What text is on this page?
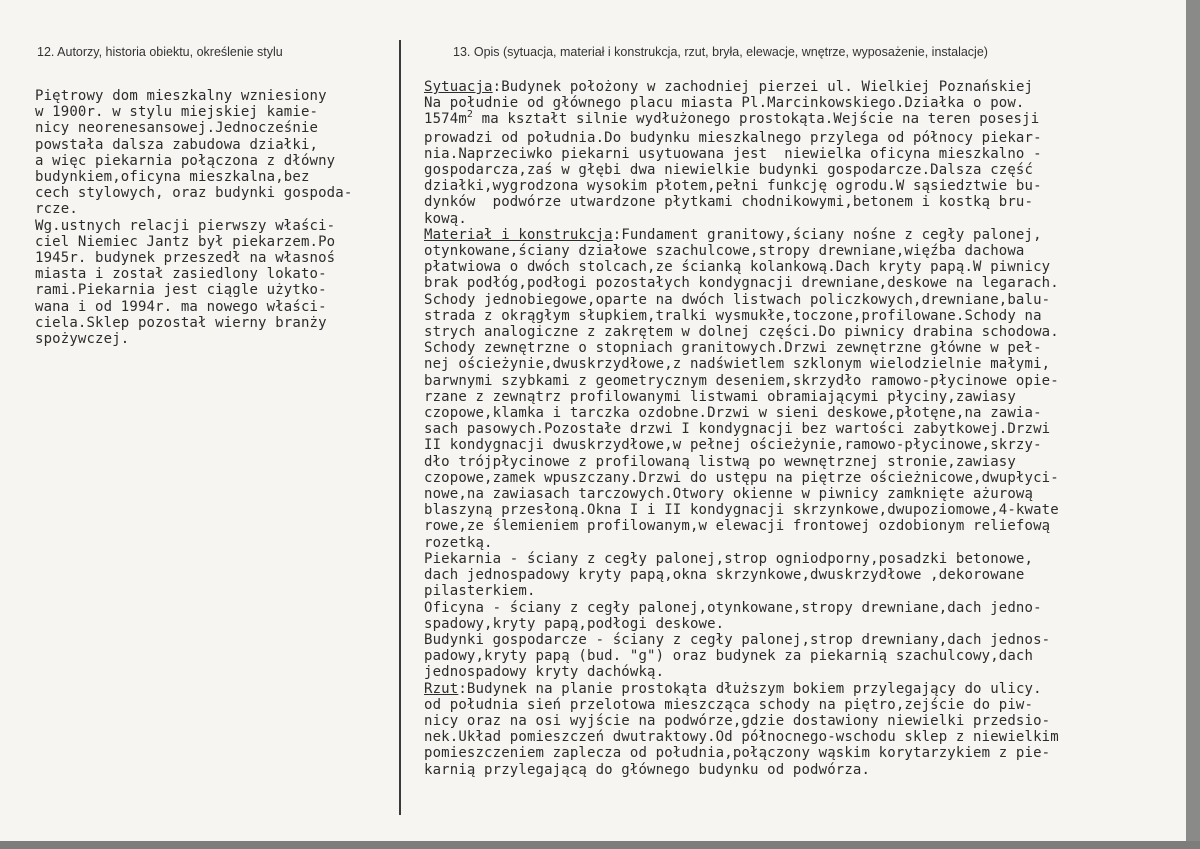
12. Autorzy, historia obiektu, określenie stylu	13. Opis (sytuacja, materiał i konstrukcja, rzut, bryła, elewacje, wnętrze, wyposażenie, instalacje)
Piętrowy dom mieszkalny wzniesiony
w 1900r. w stylu miejskiej kamie-
nicy neorenesansowej.Jednocześnie
powstała dalsza zabudowa działki,
a więc piekarnia połączona z dłówny
budynkiem,oficyna mieszkalna,bez
cech stylowych, oraz budynki gospoda-
rcze.
Wg.ustnych relacji pierwszy właści-
ciel Niemiec Jantz był piekarzem.Po
1945r. budynek przeszedł na własnoś
miasta i został zasiedlony lokato-
rami.Piekarnia jest ciągle użytko-
wana i od 1994r. ma nowego właści-
ciela.Sklep pozostał wierny branży
spożywczej.
Sytuacja:Budynek położony w zachodniej pierzei ul. Wielkiej Poznańskiej
Na południe od głównego placu miasta Pl.Marcinkowskiego.Działka o pow.
$1574m^2$ ma kształt silnie wydłużonego prostokąta.Wejście na teren posesji
prowadzi od południa.Do budynku mieszkalnego przylega od północy piekar-
nia.Naprzeciwko piekarni usytuowana jest  niewielka oficyna mieszkalno -
gospodarcza,zaś w głębi dwa niewielkie budynki gospodarcze.Dalsza część
działki,wygrodzona wysokim płotem,pełni funkcję ogrodu.W sąsiedztwie bu-
dynków  podwórze utwardzone płytkami chodnikowymi,betonem i kostką bru-
kową.
Materiał i konstrukcja:Fundament granitowy,ściany nośne z cegły palonej,
otynkowane,ściany działowe szachulcowe,stropy drewniane,więźba dachowa
płatwiowa o dwóch stolcach,ze ścianką kolankową.Dach kryty papą.W piwnicy
brak podłóg,podłogi pozostałych kondygnacji drewniane,deskowe na legarach.
Schody jednobiegowe,oparte na dwóch listwach policzkowych,drewniane,balu-
strada z okrągłym słupkiem,tralki wysmukłe,toczone,profilowane.Schody na
strych analogiczne z zakrętem w dolnej części.Do piwnicy drabina schodowa.
Schody zewnętrzne o stopniach granitowych.Drzwi zewnętrzne główne w peł-
nej ościeżynie,dwuskrzydłowe,z nadświetlem szklonym wielodzielnie małymi,
barwnymi szybkami z geometrycznym deseniem,skrzydło ramowo-płycinowe opie-
rzane z zewnątrz profilowanymi listwami obramiającymi płyciny,zawiasy
czopowe,klamka i tarczka ozdobne.Drzwi w sieni deskowe,płotęne,na zawia-
sach pasowych.Pozostałe drzwi I kondygnacji bez wartości zabytkowej.Drzwi
II kondygnacji dwuskrzydłowe,w pełnej ościeżynie,ramowo-płycinowe,skrzy-
dło trójpłycinowe z profilowaną listwą po wewnętrznej stronie,zawiasy
czopowe,zamek wpuszczany.Drzwi do ustępu na piętrze ościeżnicowe,dwupłyci-
nowe,na zawiasach tarczowych.Otwory okienne w piwnicy zamknięte ażurową
blaszyną przesłoną.Okna I i II kondygnacji skrzynkowe,dwupoziomowe,4-kwate
rowe,ze ślemieniem profilowanym,w elewacji frontowej ozdobionym reliefową
rozetką.
Piekarnia - ściany z cegły palonej,strop ogniodporny,posadzki betonowe,
dach jednospadowy kryty papą,okna skrzynkowe,dwuskrzydłowe ,dekorowane
pilasterkiem.
Oficyna - ściany z cegły palonej,otynkowane,stropy drewniane,dach jedno-
spadowy,kryty papą,podłogi deskowe.
Budynki gospodarcze - ściany z cegły palonej,strop drewniany,dach jednos-
padowy,kryty papą (bud. "g") oraz budynek za piekarnią szachulcowy,dach
jednospadowy kryty dachówką.
Rzut:Budynek na planie prostokąta dłuższym bokiem przylegający do ulicy.
od południa sień przelotowa mieszcząca schody na piętro,zejście do piw-
nicy oraz na osi wyjście na podwórze,gdzie dostawiony niewielki przedsio-
nek.Układ pomieszczeń dwutraktowy.Od północnego-wschodu sklep z niewielkim
pomieszczeniem zaplecza od południa,połączony wąskim korytarzykiem z pie-
karnią przylegającą do głównego budynku od podwórza.
